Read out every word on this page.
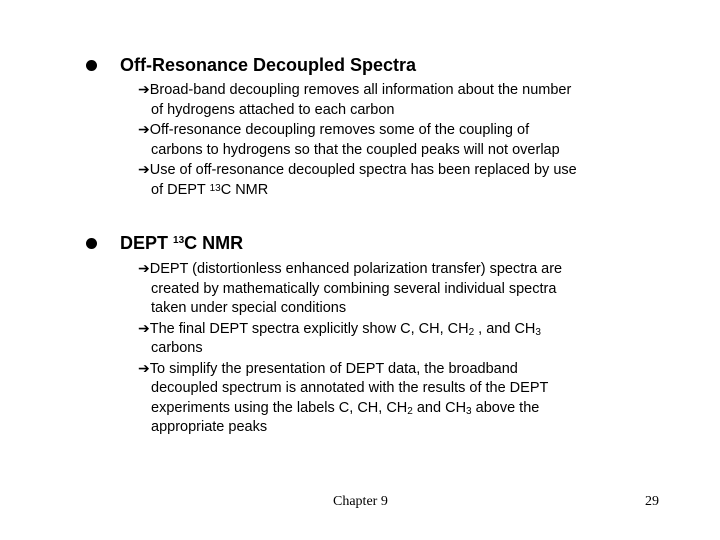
Off-Resonance Decoupled Spectra

➔Broad-band decoupling removes all information about the number
of hydrogens attached to each carbon

➔Off-resonance decoupling removes some of the coupling of
carbons to hydrogens so that the coupled peaks will not overlap

➔Use of off-resonance decoupled spectra has been replaced by use
of DEPT $^{13}$C NMR

DEPT $^{13}$C NMR

➔DEPT (distortionless enhanced polarization transfer) spectra are
created by mathematically combining several individual spectra
taken under special conditions

➔The final DEPT spectra explicitly show C, CH, $CH_2$ , and $CH_3$
carbons

➔To simplify the presentation of DEPT data, the broadband
decoupled spectrum is annotated with the results of the DEPT
experiments using the labels C, CH, $CH_2$ and $CH_3$ above the
appropriate peaks

Chapter 9	29
